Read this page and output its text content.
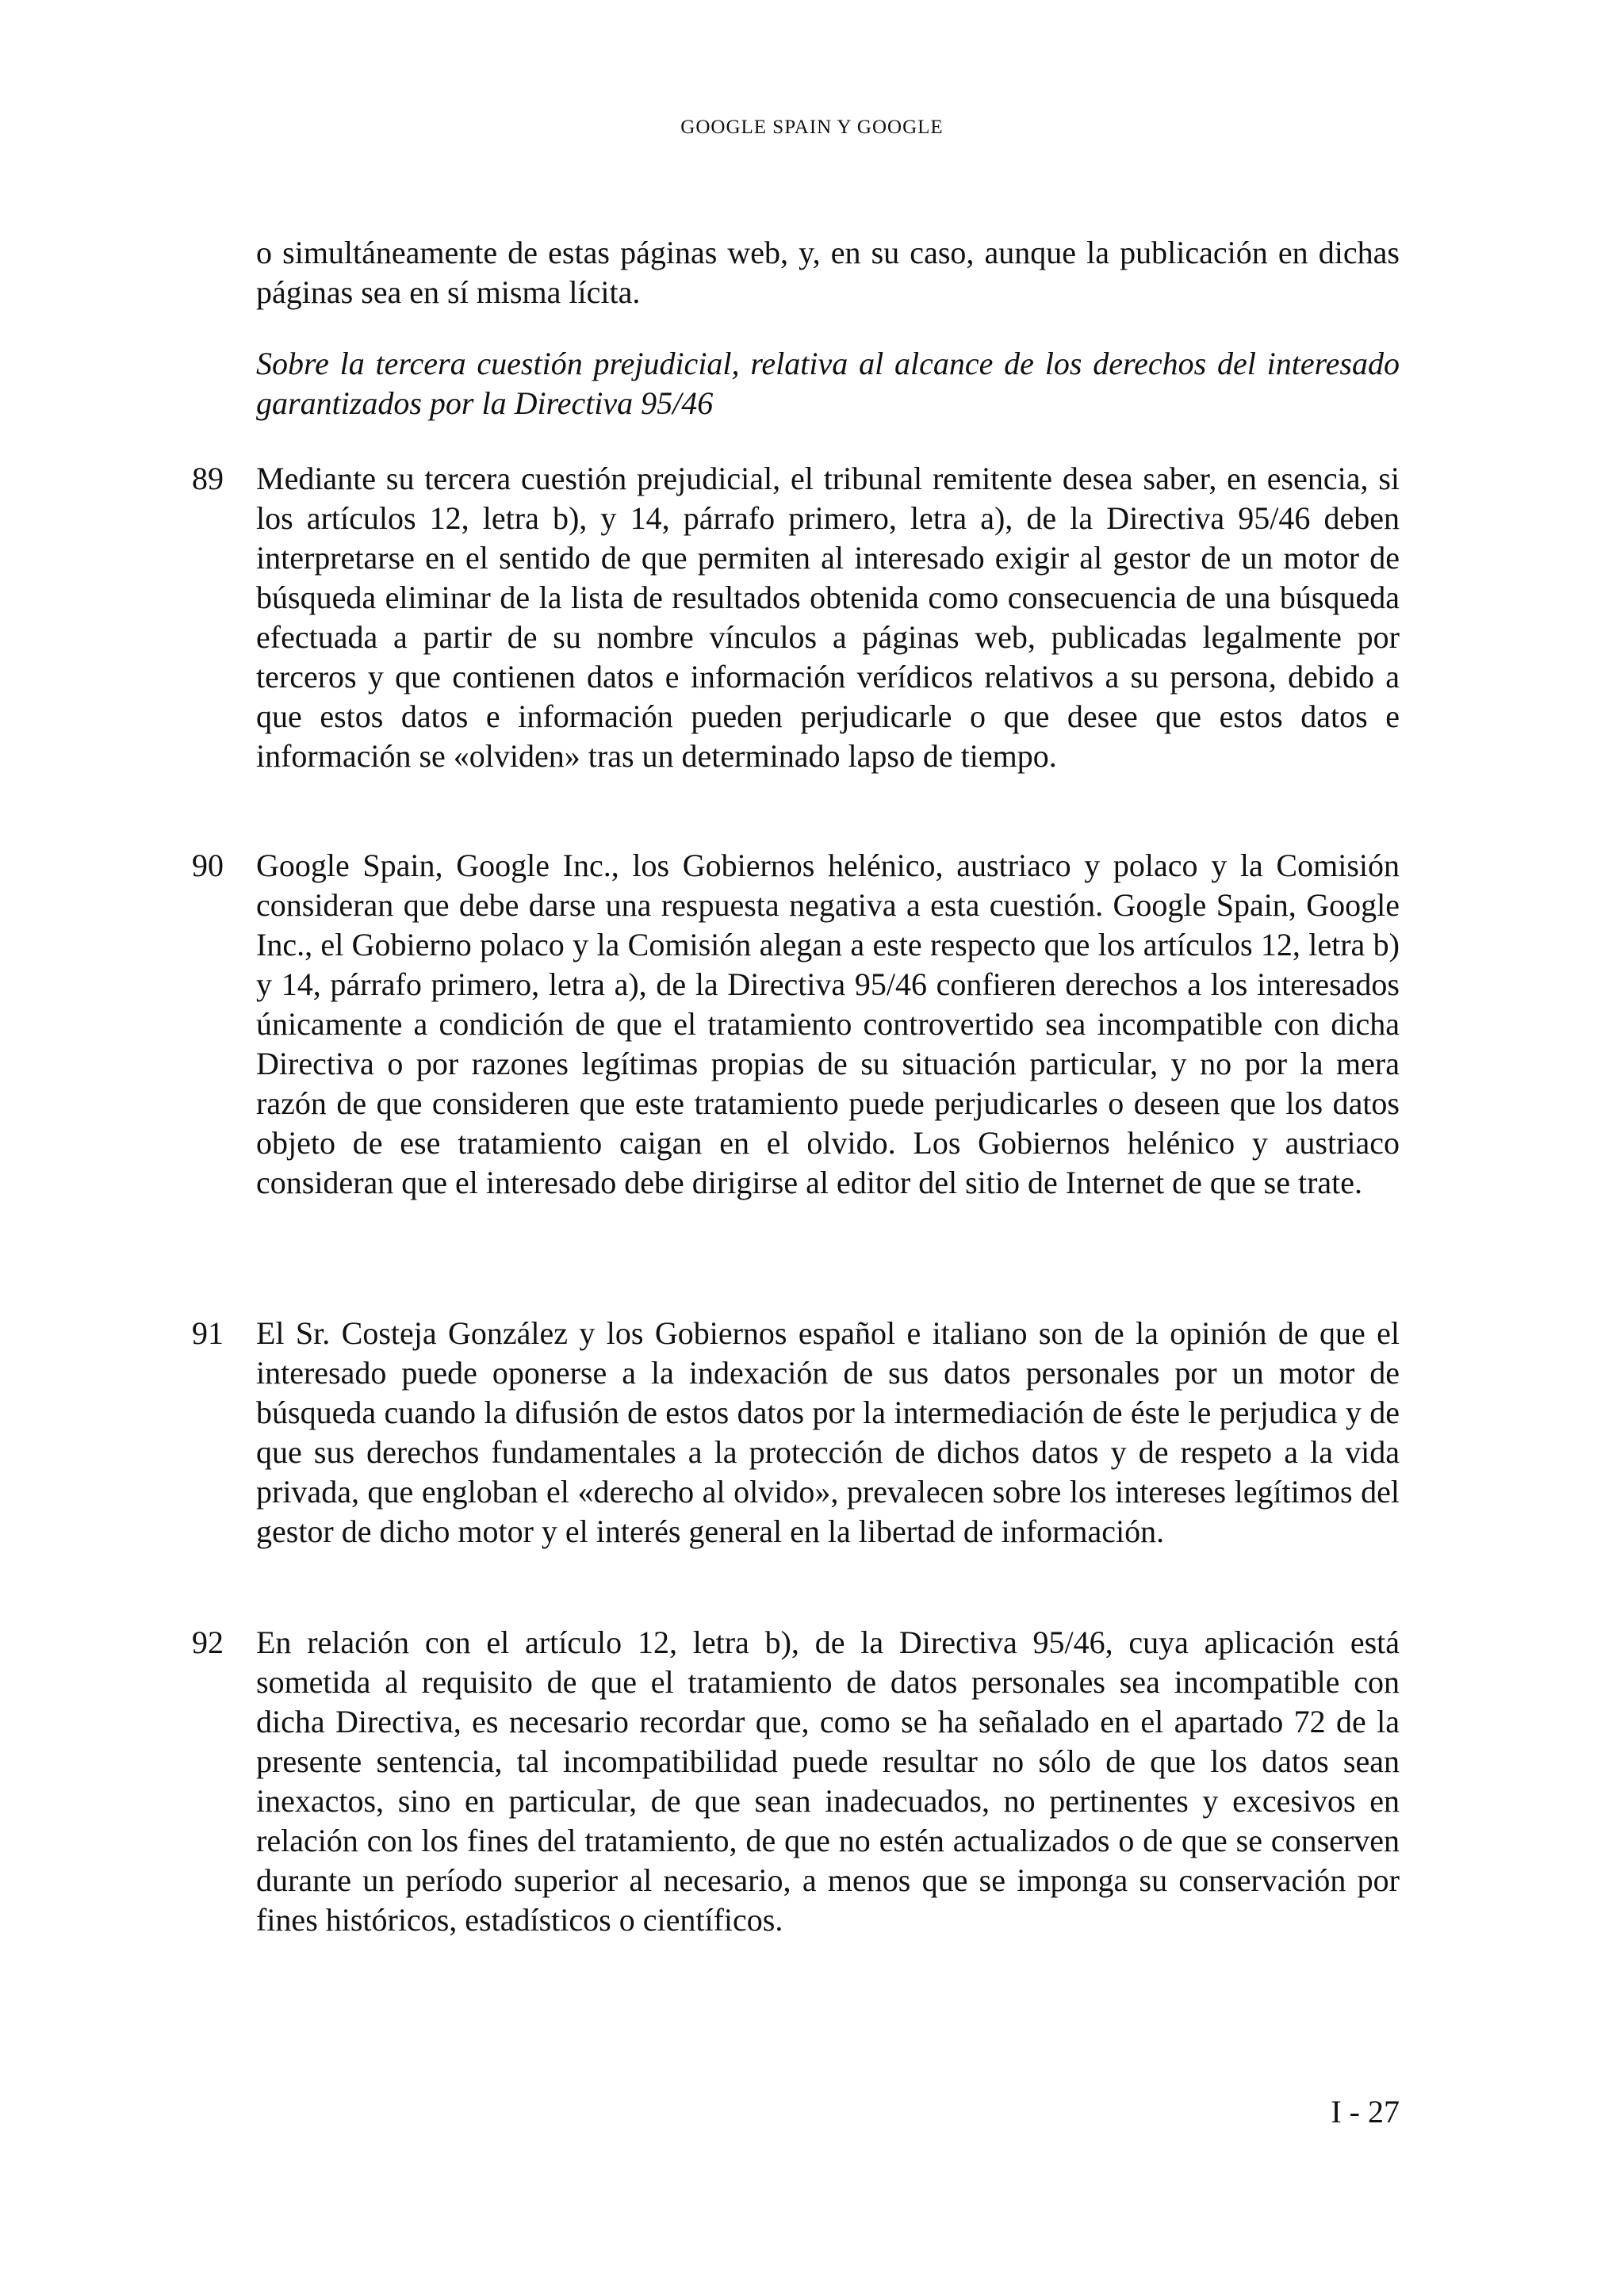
GOOGLE SPAIN Y GOOGLE

o simultáneamente de estas páginas web, y, en su caso, aunque la publicación en dichas páginas sea en sí misma lícita.

Sobre la tercera cuestión prejudicial, relativa al alcance de los derechos del interesado garantizados por la Directiva 95/46

89 Mediante su tercera cuestión prejudicial, el tribunal remitente desea saber, en esencia, si los artículos 12, letra b), y 14, párrafo primero, letra a), de la Directiva 95/46 deben interpretarse en el sentido de que permiten al interesado exigir al gestor de un motor de búsqueda eliminar de la lista de resultados obtenida como consecuencia de una búsqueda efectuada a partir de su nombre vínculos a páginas web, publicadas legalmente por terceros y que contienen datos e información verídicos relativos a su persona, debido a que estos datos e información pueden perjudicarle o que desee que estos datos e información se «olviden» tras un determinado lapso de tiempo.

90 Google Spain, Google Inc., los Gobiernos helénico, austriaco y polaco y la Comisión consideran que debe darse una respuesta negativa a esta cuestión. Google Spain, Google Inc., el Gobierno polaco y la Comisión alegan a este respecto que los artículos 12, letra b) y 14, párrafo primero, letra a), de la Directiva 95/46 confieren derechos a los interesados únicamente a condición de que el tratamiento controvertido sea incompatible con dicha Directiva o por razones legítimas propias de su situación particular, y no por la mera razón de que consideren que este tratamiento puede perjudicarles o deseen que los datos objeto de ese tratamiento caigan en el olvido. Los Gobiernos helénico y austriaco consideran que el interesado debe dirigirse al editor del sitio de Internet de que se trate.

91 El Sr. Costeja González y los Gobiernos español e italiano son de la opinión de que el interesado puede oponerse a la indexación de sus datos personales por un motor de búsqueda cuando la difusión de estos datos por la intermediación de éste le perjudica y de que sus derechos fundamentales a la protección de dichos datos y de respeto a la vida privada, que engloban el «derecho al olvido», prevalecen sobre los intereses legítimos del gestor de dicho motor y el interés general en la libertad de información.

92 En relación con el artículo 12, letra b), de la Directiva 95/46, cuya aplicación está sometida al requisito de que el tratamiento de datos personales sea incompatible con dicha Directiva, es necesario recordar que, como se ha señalado en el apartado 72 de la presente sentencia, tal incompatibilidad puede resultar no sólo de que los datos sean inexactos, sino en particular, de que sean inadecuados, no pertinentes y excesivos en relación con los fines del tratamiento, de que no estén actualizados o de que se conserven durante un período superior al necesario, a menos que se imponga su conservación por fines históricos, estadísticos o científicos.

I - 27
